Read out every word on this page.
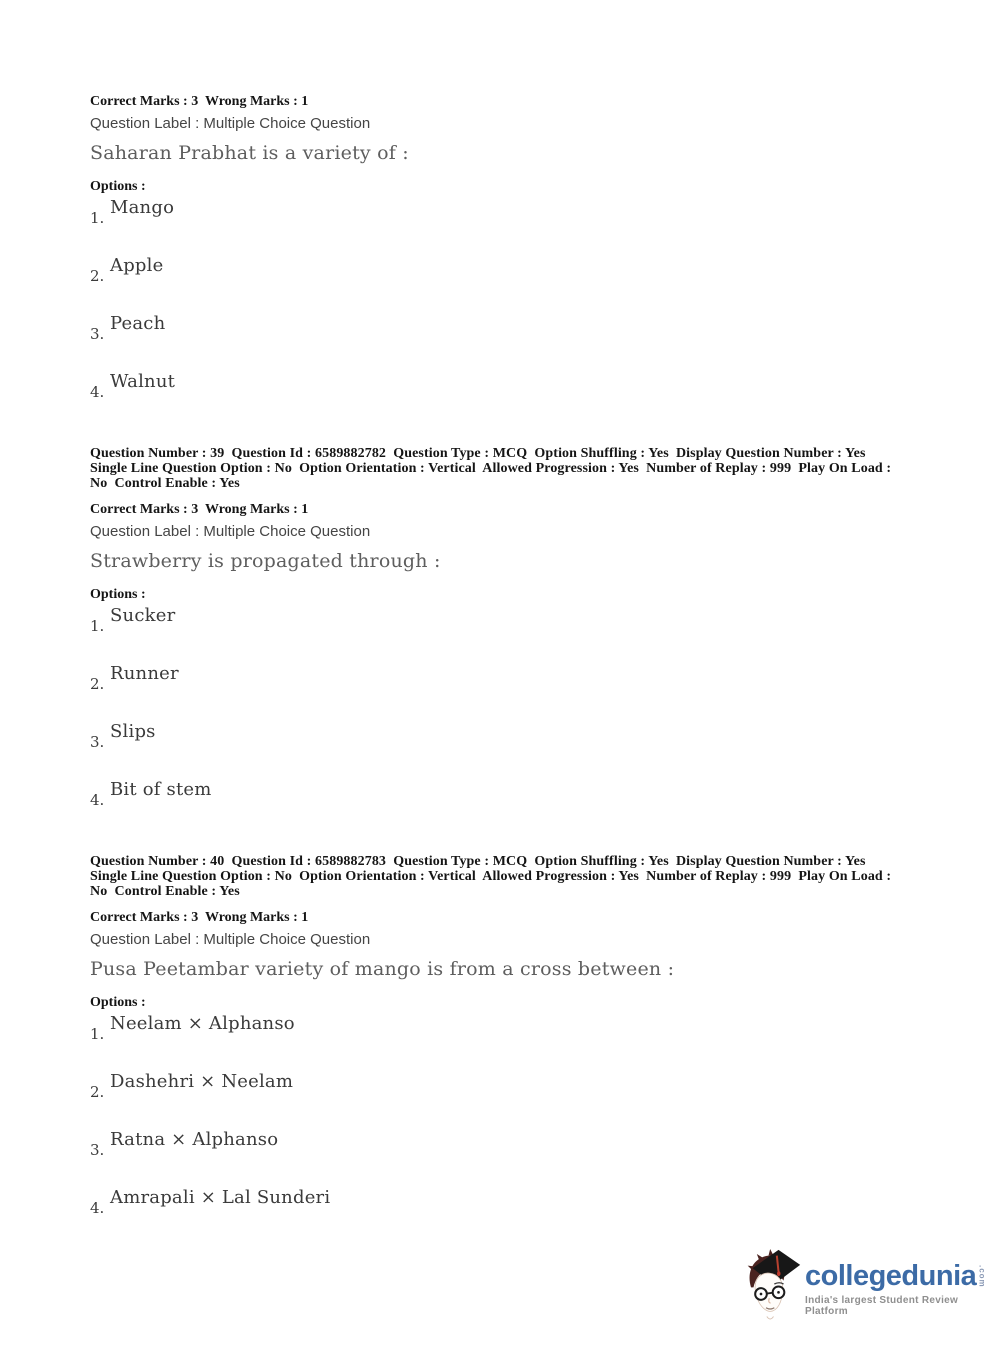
Correct Marks : 3  Wrong Marks : 1
Question Label : Multiple Choice Question
Saharan Prabhat is a variety of :
Options :
1. Mango
2. Apple
3. Peach
4. Walnut
Question Number : 39  Question Id : 6589882782  Question Type : MCQ  Option Shuffling : Yes  Display Question Number : Yes
Single Line Question Option : No  Option Orientation : Vertical  Allowed Progression : Yes  Number of Replay : 999  Play On Load :
No  Control Enable : Yes
Correct Marks : 3  Wrong Marks : 1
Question Label : Multiple Choice Question
Strawberry is propagated through :
Options :
1. Sucker
2. Runner
3. Slips
4. Bit of stem
Question Number : 40  Question Id : 6589882783  Question Type : MCQ  Option Shuffling : Yes  Display Question Number : Yes
Single Line Question Option : No  Option Orientation : Vertical  Allowed Progression : Yes  Number of Replay : 999  Play On Load :
No  Control Enable : Yes
Correct Marks : 3  Wrong Marks : 1
Question Label : Multiple Choice Question
Pusa Peetambar variety of mango is from a cross between :
Options :
1. Neelam × Alphanso
2. Dashehri × Neelam
3. Ratna × Alphanso
4. Amrapali × Lal Sunderi
collegedunia .com
India's largest Student Review Platform
